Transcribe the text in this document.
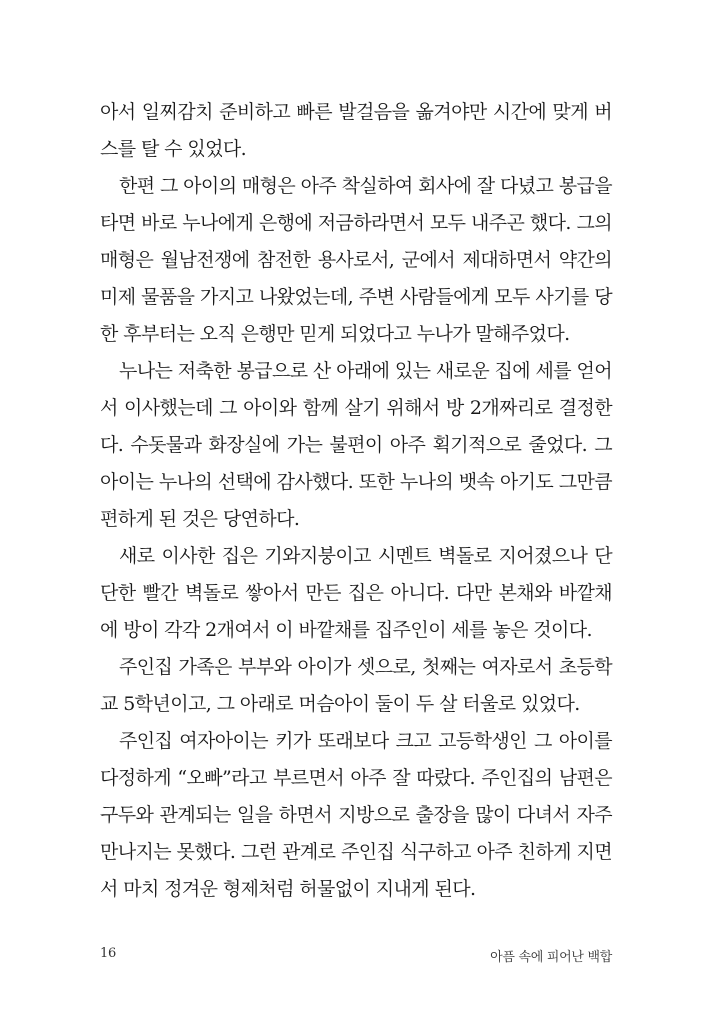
아서 일찌감치 준비하고 빠른 발걸음을 옮겨야만 시간에 맞게 버
스를 탈 수 있었다.
한편 그 아이의 매형은 아주 착실하여 회사에 잘 다녔고 봉급을
타면 바로 누나에게 은행에 저금하라면서 모두 내주곤 했다. 그의
매형은 월남전쟁에 참전한 용사로서, 군에서 제대하면서 약간의
미제 물품을 가지고 나왔었는데, 주변 사람들에게 모두 사기를 당
한 후부터는 오직 은행만 믿게 되었다고 누나가 말해주었다.
누나는 저축한 봉급으로 산 아래에 있는 새로운 집에 세를 얻어
서 이사했는데 그 아이와 함께 살기 위해서 방 2개짜리로 결정한
다. 수돗물과 화장실에 가는 불편이 아주 획기적으로 줄었다. 그
아이는 누나의 선택에 감사했다. 또한 누나의 뱃속 아기도 그만큼
편하게 된 것은 당연하다.
새로 이사한 집은 기와지붕이고 시멘트 벽돌로 지어졌으나 단
단한 빨간 벽돌로 쌓아서 만든 집은 아니다. 다만 본채와 바깥채
에 방이 각각 2개여서 이 바깥채를 집주인이 세를 놓은 것이다.
주인집 가족은 부부와 아이가 셋으로, 첫째는 여자로서 초등학
교 5학년이고, 그 아래로 머슴아이 둘이 두 살 터울로 있었다.
주인집 여자아이는 키가 또래보다 크고 고등학생인 그 아이를
다정하게 “오빠”라고 부르면서 아주 잘 따랐다. 주인집의 남편은
구두와 관계되는 일을 하면서 지방으로 출장을 많이 다녀서 자주
만나지는 못했다. 그런 관계로 주인집 식구하고 아주 친하게 지면
서 마치 정겨운 형제처럼 허물없이 지내게 된다.
16	아픔 속에 피어난 백합
